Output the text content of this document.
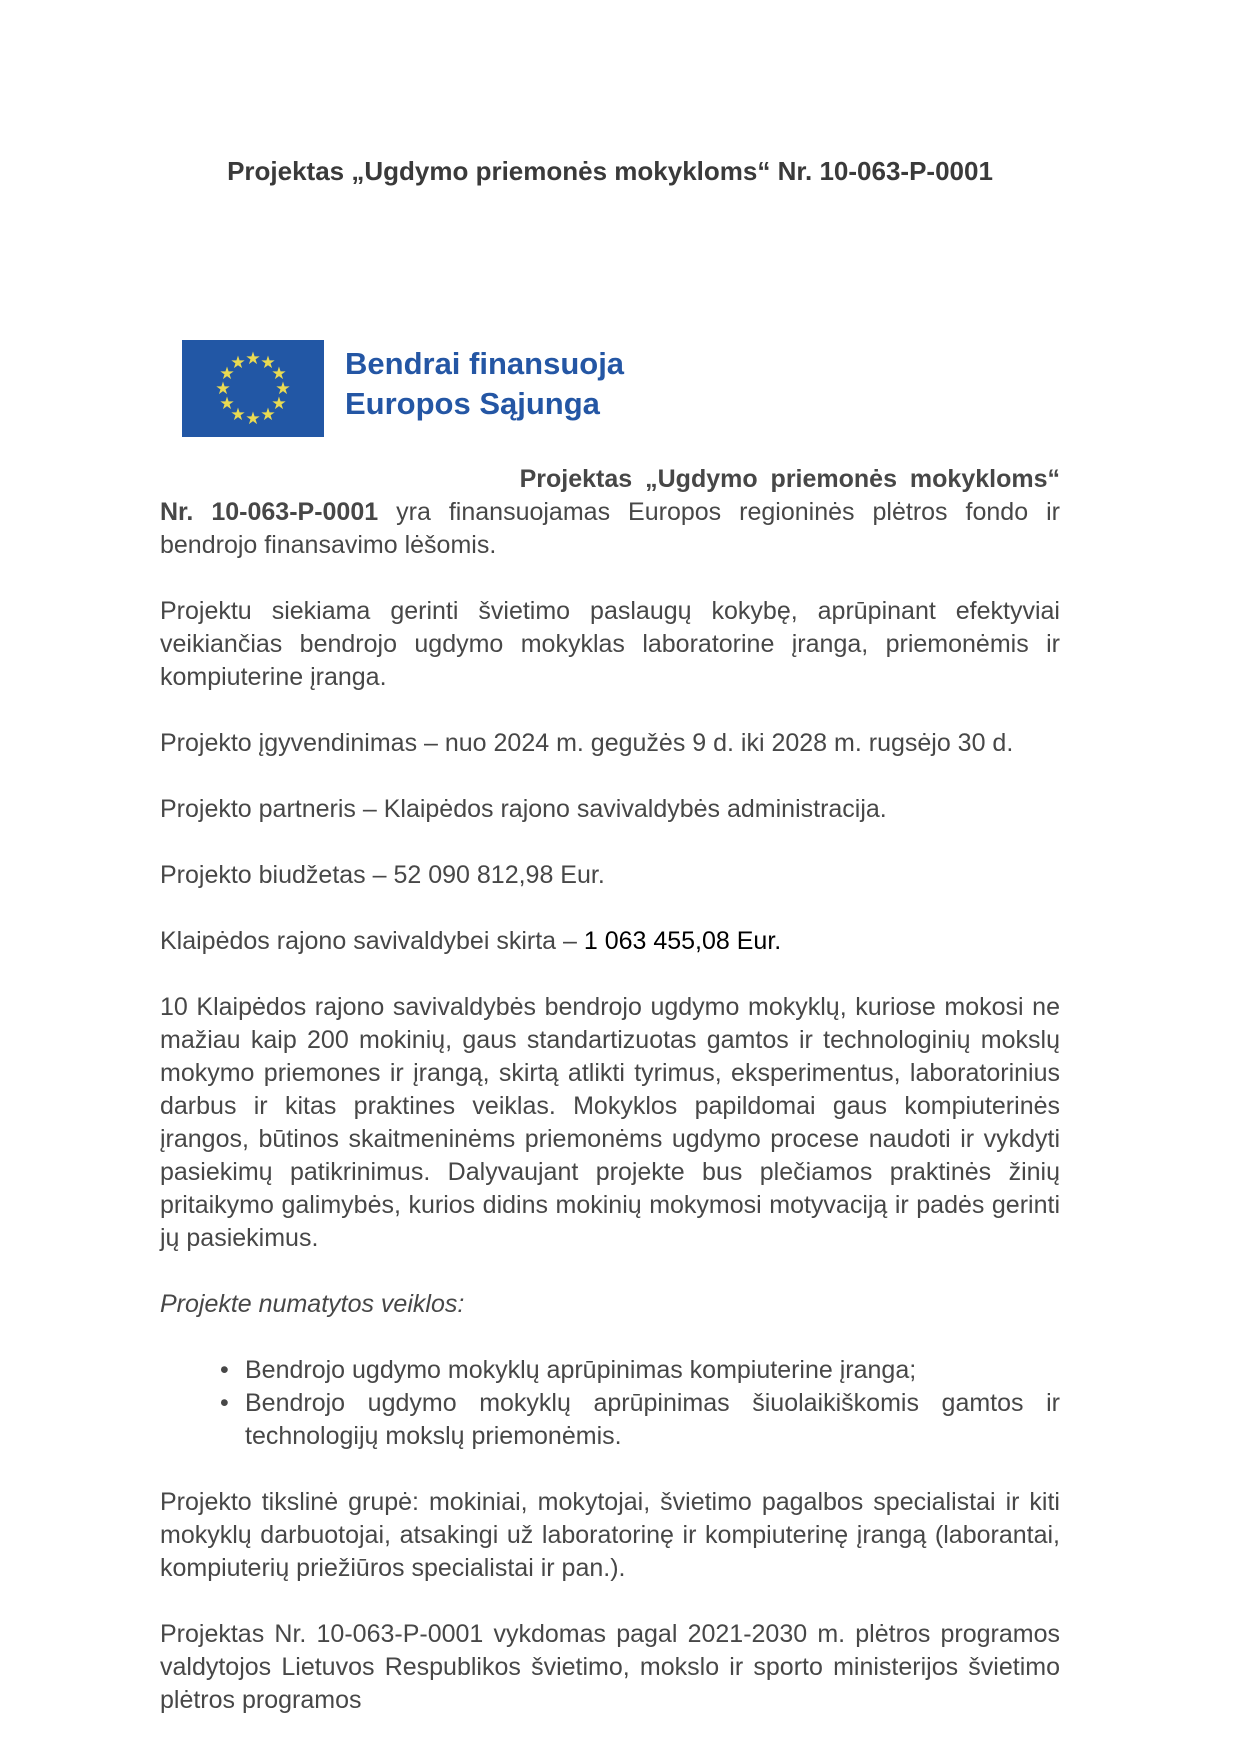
Projektas „Ugdymo priemonės mokykloms“ Nr. 10-063-P-0001
Bendrai finansuoja
Europos Sąjunga
Projektas „Ugdymo priemonės mokykloms“

Nr. 10-063-P-0001 yra finansuojamas Europos regioninės plėtros fondo ir bendrojo finansavimo lėšomis.

Projektu siekiama gerinti švietimo paslaugų kokybę, aprūpinant efektyviai veikiančias bendrojo ugdymo mokyklas laboratorine įranga, priemonėmis ir kompiuterine įranga.

Projekto įgyvendinimas – nuo 2024 m. gegužės 9 d. iki 2028 m. rugsėjo 30 d.

Projekto partneris – Klaipėdos rajono savivaldybės administracija.

Projekto biudžetas – 52 090 812,98 Eur.

Klaipėdos rajono savivaldybei skirta – 1 063 455,08 Eur.

10 Klaipėdos rajono savivaldybės bendrojo ugdymo mokyklų, kuriose mokosi ne mažiau kaip 200 mokinių, gaus standartizuotas gamtos ir technologinių mokslų mokymo priemones ir įrangą, skirtą atlikti tyrimus, eksperimentus, laboratorinius darbus ir kitas praktines veiklas. Mokyklos papildomai gaus kompiuterinės įrangos, būtinos skaitmeninėms priemonėms ugdymo procese naudoti ir vykdyti pasiekimų patikrinimus. Dalyvaujant projekte bus plečiamos praktinės žinių pritaikymo galimybės, kurios didins mokinių mokymosi motyvaciją ir padės gerinti jų pasiekimus.

Projekte numatytos veiklos:

• Bendrojo ugdymo mokyklų aprūpinimas kompiuterine įranga;
• Bendrojo ugdymo mokyklų aprūpinimas šiuolaikiškomis gamtos ir technologijų mokslų priemonėmis.

Projekto tikslinė grupė: mokiniai, mokytojai, švietimo pagalbos specialistai ir kiti mokyklų darbuotojai, atsakingi už laboratorinę ir kompiuterinę įrangą (laborantai, kompiuterių priežiūros specialistai ir pan.).

Projektas Nr. 10-063-P-0001 vykdomas pagal 2021-2030 m. plėtros programos valdytojos Lietuvos Respublikos švietimo, mokslo ir sporto ministerijos švietimo plėtros programos
